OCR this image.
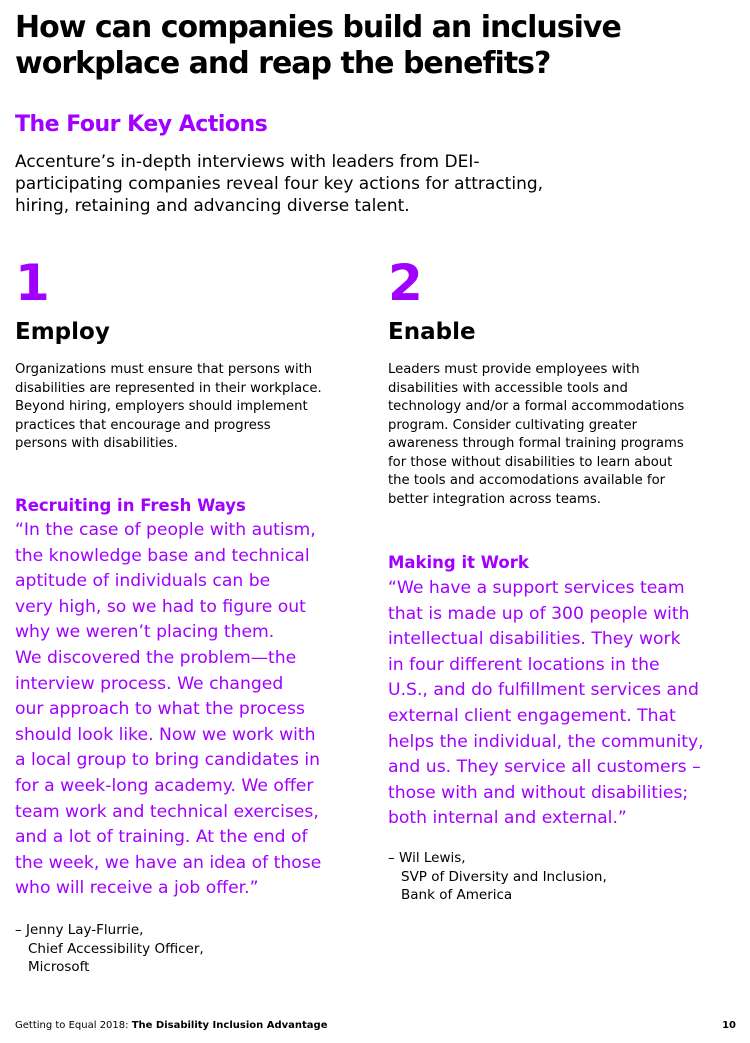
How can companies build an inclusive
workplace and reap the benefits?
The Four Key Actions

Accenture’s in-depth interviews with leaders from DEI-
participating companies reveal four key actions for attracting,
hiring, retaining and advancing diverse talent.

1
Employ

Organizations must ensure that persons with
disabilities are represented in their workplace.
Beyond hiring, employers should implement
practices that encourage and progress
persons with disabilities.

Recruiting in Fresh Ways
“In the case of people with autism,
the knowledge base and technical
aptitude of individuals can be
very high, so we had to figure out
why we weren’t placing them.
We discovered the problem—the
interview process. We changed
our approach to what the process
should look like. Now we work with
a local group to bring candidates in
for a week-long academy. We offer
team work and technical exercises,
and a lot of training. At the end of
the week, we have an idea of those
who will receive a job offer.”

– Jenny Lay-Flurrie,
Chief Accessibility Officer,
Microsoft

2
Enable

Leaders must provide employees with
disabilities with accessible tools and
technology and/or a formal accommodations
program. Consider cultivating greater
awareness through formal training programs
for those without disabilities to learn about
the tools and accomodations available for
better integration across teams.

Making it Work
“We have a support services team
that is made up of 300 people with
intellectual disabilities. They work
in four different locations in the
U.S., and do fulfillment services and
external client engagement. That
helps the individual, the community,
and us. They service all customers –
those with and without disabilities;
both internal and external.”

– Wil Lewis,
SVP of Diversity and Inclusion,
Bank of America

Getting to Equal 2018: The Disability Inclusion Advantage	10
